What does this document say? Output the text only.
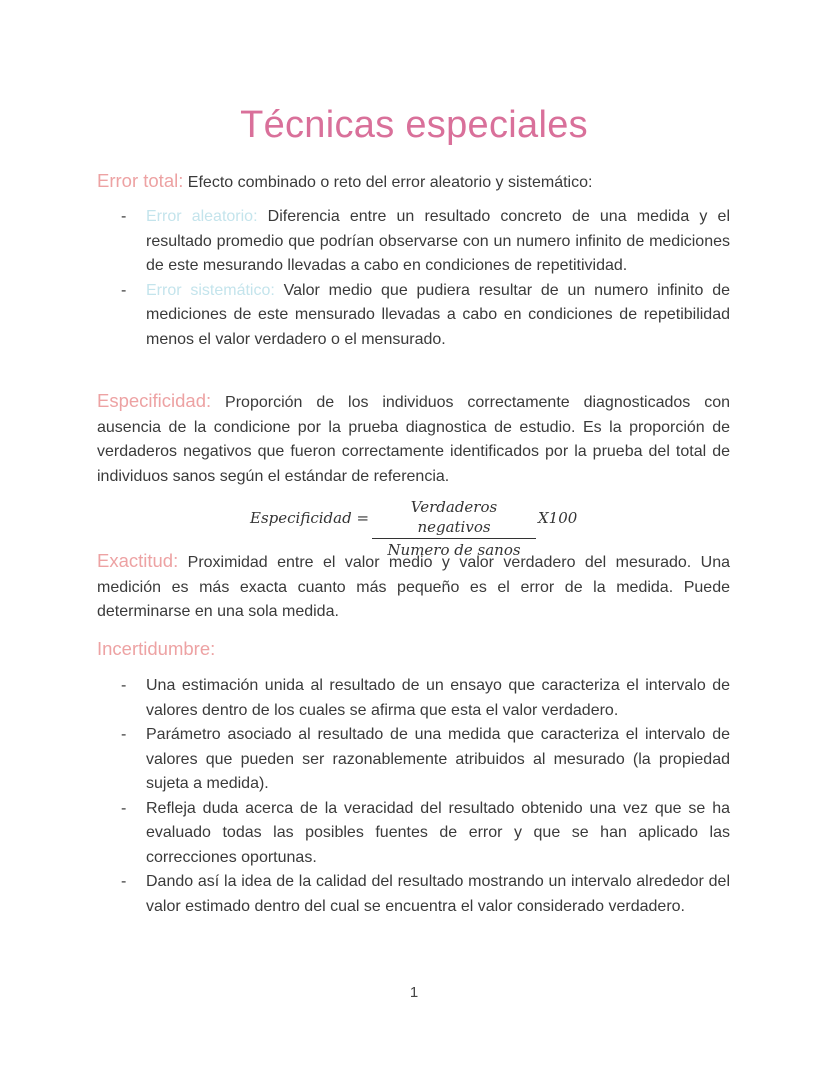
Técnicas especiales

Error total: Efecto combinado o reto del error aleatorio y sistemático:

- Error aleatorio: Diferencia entre un resultado concreto de una medida y el resultado promedio que podrían observarse con un numero infinito de mediciones de este mesurando llevadas a cabo en condiciones de repetitividad.
- Error sistemático: Valor medio que pudiera resultar de un numero infinito de mediciones de este mensurado llevadas a cabo en condiciones de repetibilidad menos el valor verdadero o el mensurado.

Especificidad: Proporción de los individuos correctamente diagnosticados con ausencia de la condicione por la prueba diagnostica de estudio. Es la proporción de verdaderos negativos que fueron correctamente identificados por la prueba del total de individuos sanos según el estándar de referencia.

Especificidad =
Verdaderos negativos
Numero de sanos
X100

Exactitud: Proximidad entre el valor medio y valor verdadero del mesurado. Una medición es más exacta cuanto más pequeño es el error de la medida. Puede determinarse en una sola medida.

Incertidumbre:

- Una estimación unida al resultado de un ensayo que caracteriza el intervalo de valores dentro de los cuales se afirma que esta el valor verdadero.
- Parámetro asociado al resultado de una medida que caracteriza el intervalo de valores que pueden ser razonablemente atribuidos al mesurado (la propiedad sujeta a medida).
- Refleja duda acerca de la veracidad del resultado obtenido una vez que se ha evaluado todas las posibles fuentes de error y que se han aplicado las correcciones oportunas.
- Dando así la idea de la calidad del resultado mostrando un intervalo alrededor del valor estimado dentro del cual se encuentra el valor considerado verdadero.
1
